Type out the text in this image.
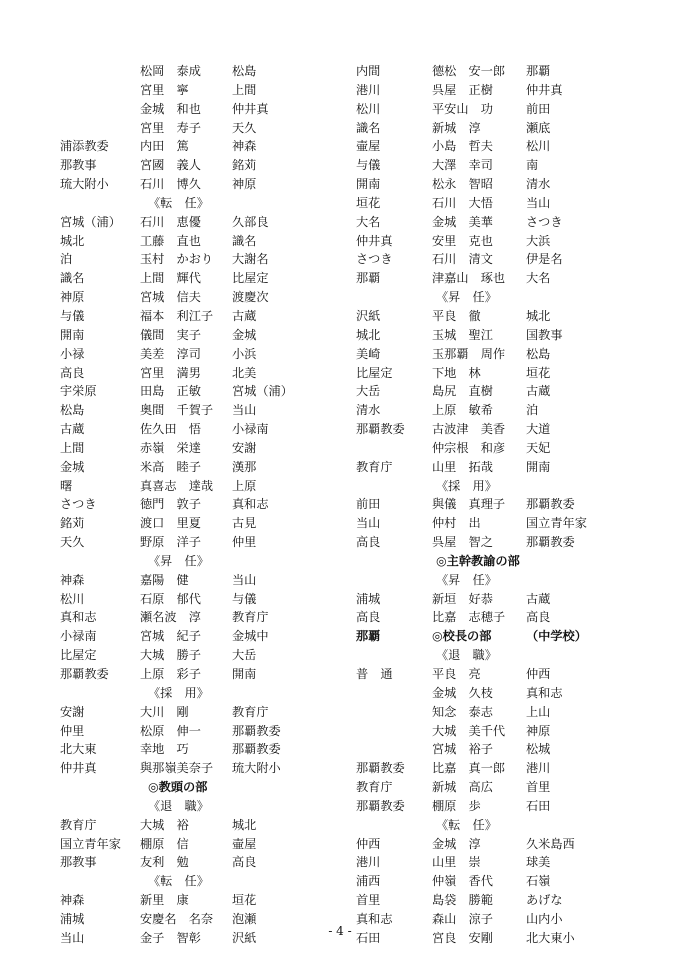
松岡　泰成	松島
宮里　寧	上間
金城　和也	仲井真
宮里　寿子	天久
浦添教委	内田　篤	神森
那教事	宮國　義人	銘苅
琉大附小	石川　博久	神原
《転　任》
宮城（浦） 石川　恵優	久部良
城北	工藤　直也	識名
泊	玉村　かおり 大謝名
識名	上間　輝代	比屋定
神原	宮城　信夫	渡慶次
与儀	福本　利江子 古蔵
開南	儀間　実子	金城
小禄	美差　淳司	小浜
高良	宮里　満男	北美
宇栄原	田島　正敏	宮城（浦）
松島	奥間　千賀子 当山
古蔵	佐久田　悟	小禄南
上間	赤嶺　栄達	安謝
金城	米高　睦子	漢那
曙	真喜志　達哉 上原
さつき	徳門　敦子	真和志
銘苅	渡口　里夏	古見
天久	野原　洋子	仲里
《昇　任》
神森	嘉陽　健	当山
松川	石原　郁代	与儀
真和志	瀬名波　淳	教育庁
小禄南	宮城　紀子	金城中
比屋定	大城　勝子	大岳
那覇教委	上原　彩子	開南
《採　用》
安謝	大川　剛	教育庁
仲里	松原　伸一	那覇教委
北大東	幸地　巧	那覇教委
仲井真	與那嶺美奈子 琉大附小
◎教頭の部
《退　職》
教育庁	大城　裕	城北
国立青年家 棚原　信	壷屋
那教事	友利　勉	高良
《転　任》
神森	新里　康	垣花
浦城	安慶名　名奈 泡瀬
当山	金子　智彰	沢紙
内間	德松　安一郎 那覇
港川	呉屋　正樹	仲井真
松川	平安山　功	前田
識名	新城　淳	瀬底
壷屋	小島　哲夫	松川
与儀	大澤　幸司	南
開南	松永　智昭	清水
垣花	石川　大悟	当山
大名	金城　美華	さつき
仲井真	安里　克也	大浜
さつき	石川　清文	伊是名
那覇	津嘉山　琢也 大名
《昇　任》
沢紙	平良　徹	城北
城北	玉城　聖江	国教事
美崎	玉那覇　周作 松島
比屋定	下地　林	垣花
大岳	島尻　直樹	古蔵
清水	上原　敏希	泊
那覇教委 古波津　美香 大道
仲宗根　和彦 天妃
教育庁	山里　拓哉	開南
《採　用》
前田	與儀　真理子 那覇教委
当山	仲村　出	国立青年家
高良	呉屋　智之	那覇教委
◎主幹教諭の部
《昇　任》
浦城	新垣　好恭	古蔵
高良	比嘉　志穂子 高良
那覇	◎校長の部	（中学校）
《退　職》
普　通	平良　亮	仲西
金城　久枝	真和志
知念　泰志	上山
大城　美千代 神原
宮城　裕子	松城
那覇教委 比嘉　真一郎 港川
教育庁	新城　高広	首里
那覇教委 棚原　歩	石田
《転　任》
仲西	金城　淳	久米島西
港川	山里　崇	球美
浦西	仲嶺　香代	石嶺
首里	島袋　勝範	あげな
真和志	森山　涼子	山内小
石田	宮良　安剛	北大東小
- 4 -
